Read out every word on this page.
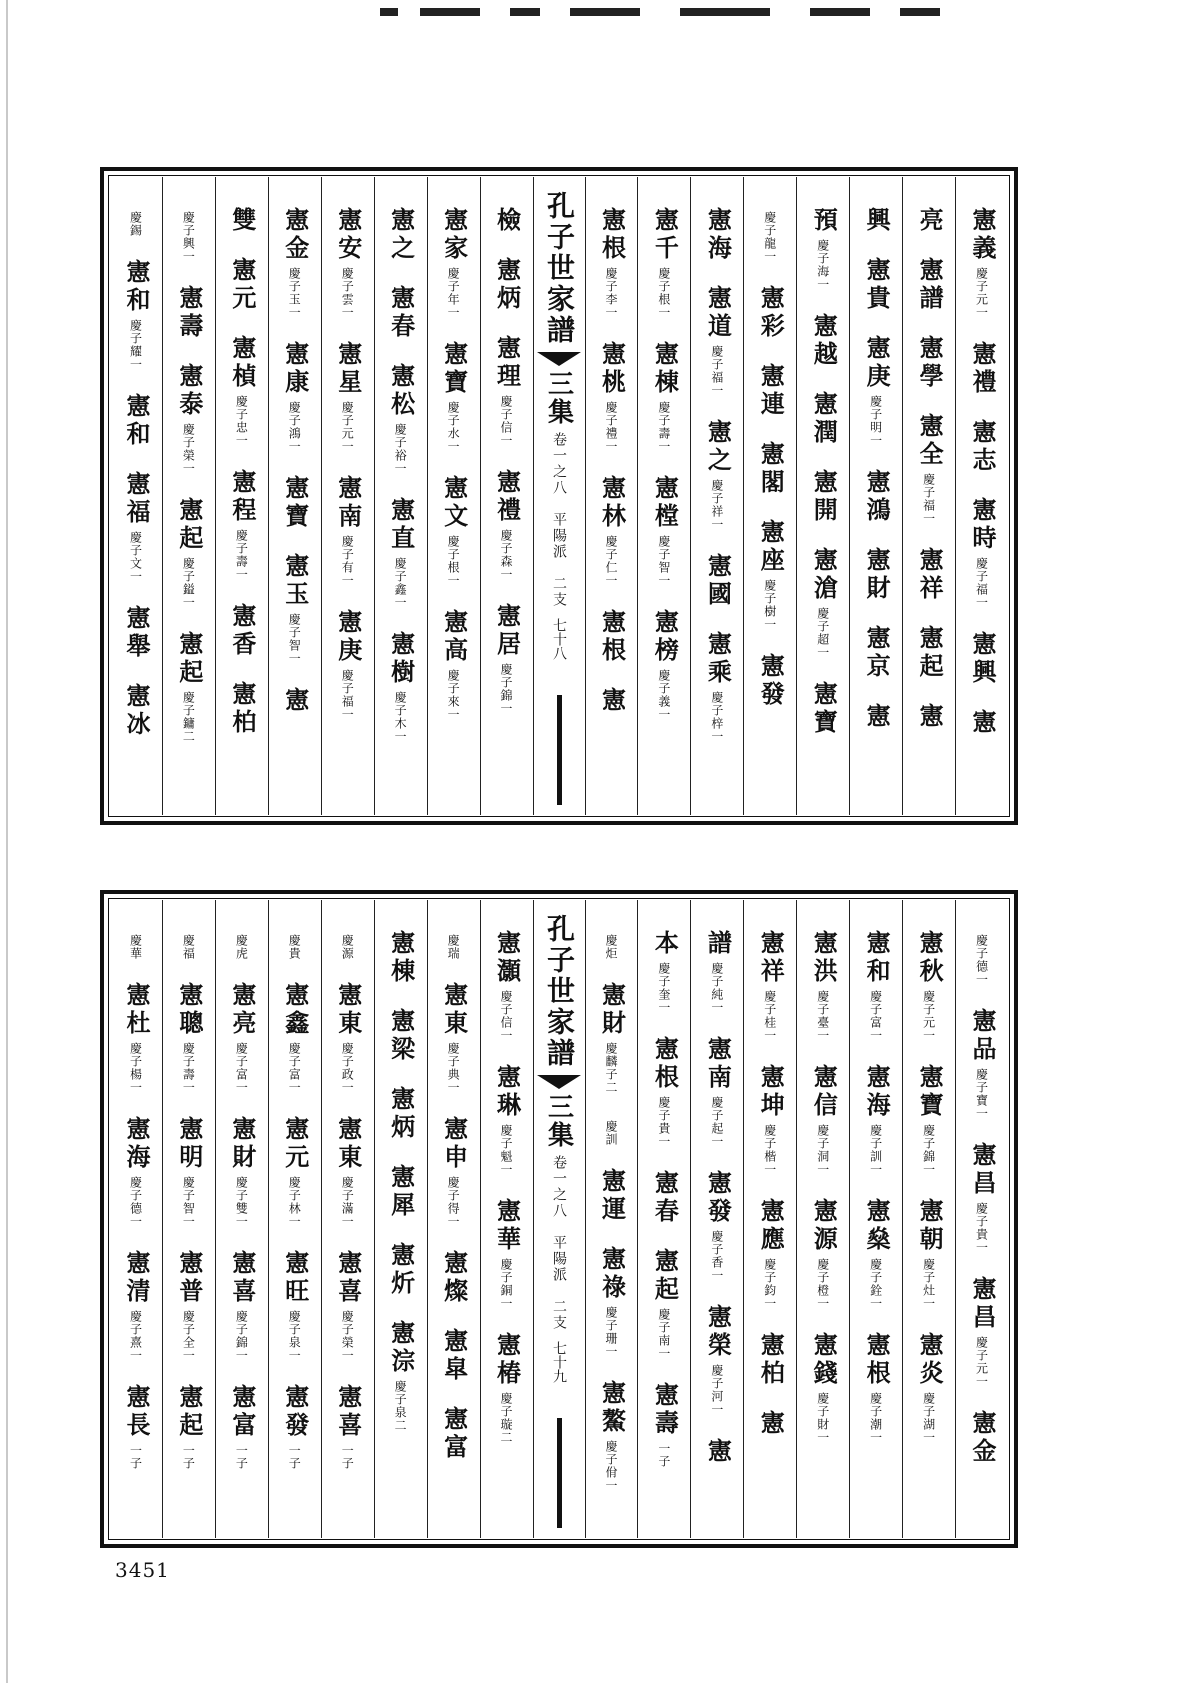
憲義
慶子元一
憲禮
憲志
憲時
慶子福一
憲興
憲
亮
憲譜
憲學
憲全
慶子福一
憲祥
憲起
憲
興
憲貴
憲庚
慶子明一
憲鴻
憲財
憲京
憲
預
慶子海一
憲越
憲潤
憲開
憲滄
慶子超一
憲寶
慶子龍一
憲彩
憲連
憲閣
憲座
慶子樹一
憲發
憲海
憲道
慶子福一
憲之
慶子祥一
憲國
憲乘
慶子梓一
憲千
慶子根一
憲棟
慶子壽一
憲樘
慶子智一
憲榜
慶子義一
憲根
慶子李一
憲桃
慶子禮一
憲林
慶子仁一
憲根
憲
孔子世家譜
三集
卷一之八　平陽派　二支
七十八
檢
憲炳
憲理
慶子信一
憲禮
慶子森一
憲居
慶子錦一
憲家
慶子年一
憲寶
慶子水一
憲文
慶子根一
憲高
慶子來一
憲之
憲春
憲松
慶子裕一
憲直
慶子鑫一
憲樹
慶子木一
憲安
慶子雲一
憲星
慶子元一
憲南
慶子有一
憲庚
慶子福一
憲金
慶子玉一
憲康
慶子鴻一
憲寶
憲玉
慶子智一
憲
雙
憲元
憲楨
慶子忠一
憲程
慶子壽一
憲香
憲柏
慶子興一
憲壽
憲泰
慶子榮一
憲起
慶子鎰一
憲起
慶子鏞二
慶錫
憲和
慶子耀一
憲和
憲福
慶子文一
憲舉
憲冰
慶子德一
憲品
慶子寶一
憲昌
慶子貴一
憲昌
慶子元一
憲金
憲秋
慶子元一
憲寶
慶子錦一
憲朝
慶子灶一
憲炎
慶子湖一
憲和
慶子富一
憲海
慶子訓一
憲燊
慶子銓一
憲根
慶子潮一
憲洪
慶子臺一
憲信
慶子洞一
憲源
慶子橙一
憲錢
慶子財一
憲祥
慶子桂一
憲坤
慶子楷一
憲應
慶子鈞一
憲柏
憲
譜
慶子純一
憲南
慶子起一
憲發
慶子香一
憲榮
慶子河一
憲
本
慶子奎一
憲根
慶子貴一
憲春
憲起
慶子南一
憲壽
一子
慶炬
憲財
慶麟子二
慶訓
憲運
憲祿
慶子珊一
憲鰲
慶子佾一
孔子世家譜
三集
卷一之八　平陽派　二支
七十九
憲灝
慶子信一
憲琳
慶子魁一
憲華
慶子銅一
憲椿
慶子璇二
慶瑞
憲東
慶子典一
憲申
慶子得一
憲燦
憲皐
憲富
憲棟
憲梁
憲炳
憲犀
憲炘
憲淙
慶子泉二
慶源
憲東
慶子政一
憲東
慶子滿一
憲喜
慶子榮一
憲喜
一子
慶貴
憲鑫
慶子富一
憲元
慶子林一
憲旺
慶子泉一
憲發
一子
慶虎
憲亮
慶子富一
憲財
慶子雙一
憲喜
慶子錦一
憲富
一子
慶福
憲聰
慶子壽一
憲明
慶子智一
憲普
慶子全一
憲起
一子
慶華
憲杜
慶子楊一
憲海
慶子德一
憲清
慶子熹一
憲長
一子
3451
